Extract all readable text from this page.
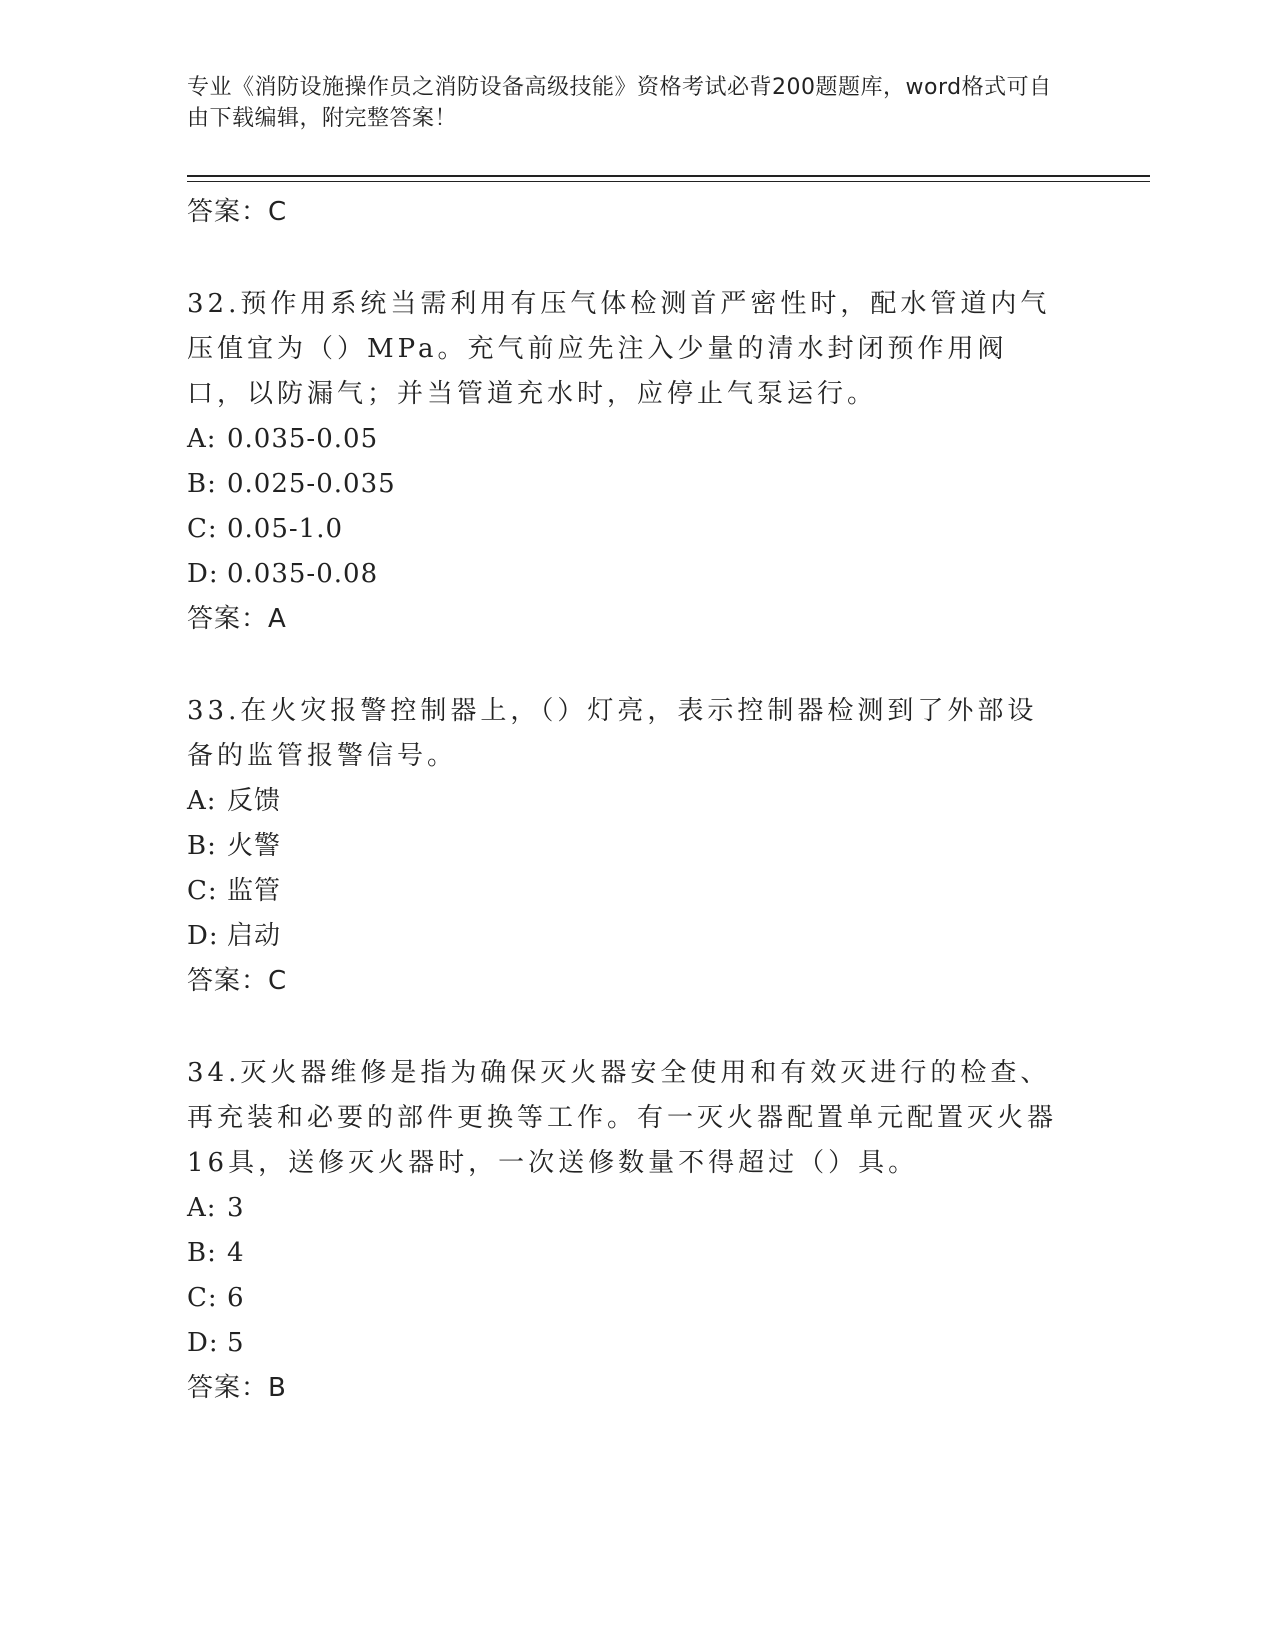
专业《消防设施操作员之消防设备高级技能》资格考试必背200题题库，word格式可自由下载编辑，附完整答案！
答案：C
32.预作用系统当需利用有压气体检测首严密性时，配水管道内气压值宜为（）MPa。充气前应先注入少量的清水封闭预作用阀口，以防漏气；并当管道充水时，应停止气泵运行。
A: 0.035-0.05
B: 0.025-0.035
C: 0.05-1.0
D: 0.035-0.08
答案：A
33.在火灾报警控制器上，（）灯亮，表示控制器检测到了外部设备的监管报警信号。
A: 反馈
B: 火警
C: 监管
D: 启动
答案：C
34.灭火器维修是指为确保灭火器安全使用和有效灭进行的检查、再充装和必要的部件更换等工作。有一灭火器配置单元配置灭火器16具，送修灭火器时，一次送修数量不得超过（）具。
A: 3
B: 4
C: 6
D: 5
答案：B
